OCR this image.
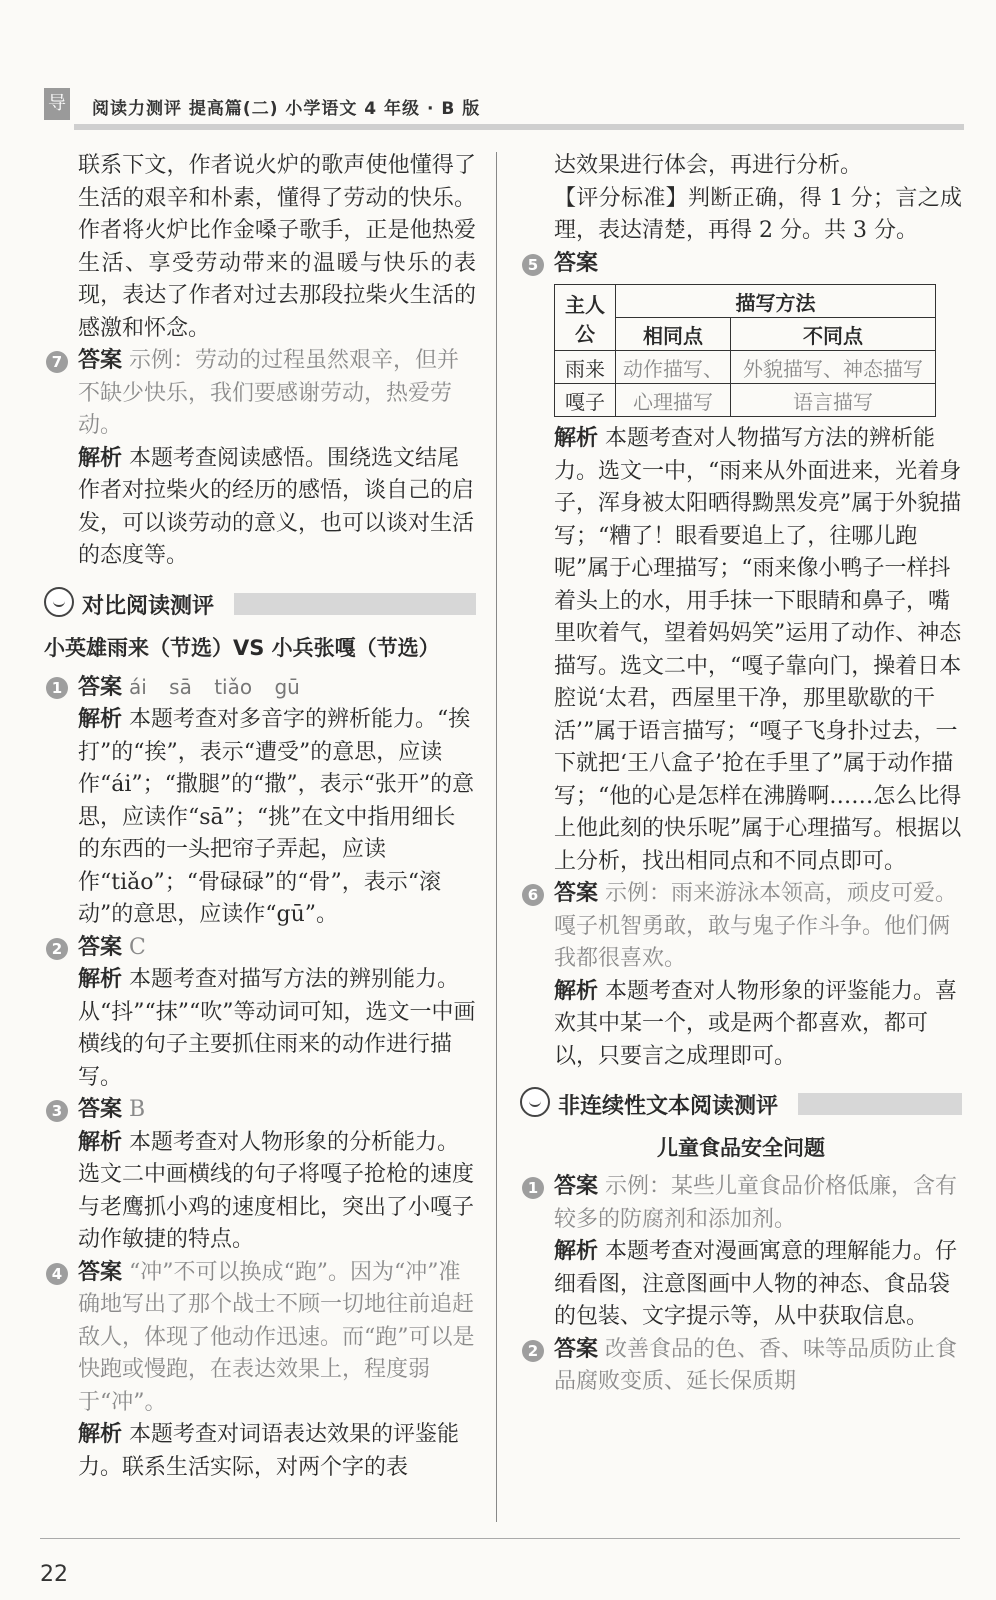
导 阅读力测评 提高篇(二) 小学语文 4 年级 · B 版

联系下文，作者说火炉的歌声使他懂得了生活的艰辛和朴素，懂得了劳动的快乐。作者将火炉比作金嗓子歌手，正是他热爱生活、享受劳动带来的温暖与快乐的表现，表达了作者对过去那段拉柴火生活的感激和怀念。

7 答案 示例：劳动的过程虽然艰辛，但并不缺少快乐，我们要感谢劳动，热爱劳动。
解析 本题考查阅读感悟。围绕选文结尾作者对拉柴火的经历的感悟，谈自己的启发，可以谈劳动的意义，也可以谈对生活的态度等。
对比阅读测评
小英雄雨来（节选）VS 小兵张嘎（节选）
1 答案 ái sā tiǎo gū
解析 本题考查对多音字的辨析能力。“挨打”的“挨”，表示“遭受”的意思，应读作“ái”；“撒腿”的“撒”，表示“张开”的意思，应读作“sā”；“挑”在文中指用细长的东西的一头把帘子弄起，应读作“tiǎo”；“骨碌碌”的“骨”，表示“滚动”的意思，应读作“gū”。
2 答案 C
解析 本题考查对描写方法的辨别能力。从“抖”“抹”“吹”等动词可知，选文一中画横线的句子主要抓住雨来的动作进行描写。
3 答案 B
解析 本题考查对人物形象的分析能力。选文二中画横线的句子将嘎子抢枪的速度与老鹰抓小鸡的速度相比，突出了小嘎子动作敏捷的特点。
4 答案 “冲”不可以换成“跑”。因为“冲”准确地写出了那个战士不顾一切地往前追赶敌人，体现了他动作迅速。而“跑”可以是快跑或慢跑，在表达效果上，程度弱于“冲”。
解析 本题考查对词语表达效果的评鉴能力。联系生活实际，对两个字的表

达效果进行体会，再进行分析。

【评分标准】判断正确，得 1 分；言之成理，表达清楚，再得 2 分。共 3 分。

5 答案
主人公	描写方法	
	相同点	不同点
雨来	动作描写、	外貌描写、神态描写
嘎子	心理描写	语言描写
解析 本题考查对人物描写方法的辨析能力。选文一中，“雨来从外面进来，光着身子，浑身被太阳晒得黝黑发亮”属于外貌描写；“糟了！眼看要追上了，往哪儿跑呢”属于心理描写；“雨来像小鸭子一样抖着头上的水，用手抹一下眼睛和鼻子，嘴里吹着气，望着妈妈笑”运用了动作、神态描写。选文二中，“嘎子靠向门，操着日本腔说‘太君，西屋里干净，那里歇歇的干活’”属于语言描写；“嘎子飞身扑过去，一下就把‘王八盒子’抢在手里了”属于动作描写；“他的心是怎样在沸腾啊……怎么比得上他此刻的快乐呢”属于心理描写。根据以上分析，找出相同点和不同点即可。
6 答案 示例：雨来游泳本领高，顽皮可爱。嘎子机智勇敢，敢与鬼子作斗争。他们俩我都很喜欢。
解析 本题考查对人物形象的评鉴能力。喜欢其中某一个，或是两个都喜欢，都可以，只要言之成理即可。
非连续性文本阅读测评
儿童食品安全问题
1 答案 示例：某些儿童食品价格低廉，含有较多的防腐剂和添加剂。
解析 本题考查对漫画寓意的理解能力。仔细看图，注意图画中人物的神态、食品袋的包装、文字提示等，从中获取信息。
2 答案 改善食品的色、香、味等品质防止食品腐败变质、延长保质期
22
